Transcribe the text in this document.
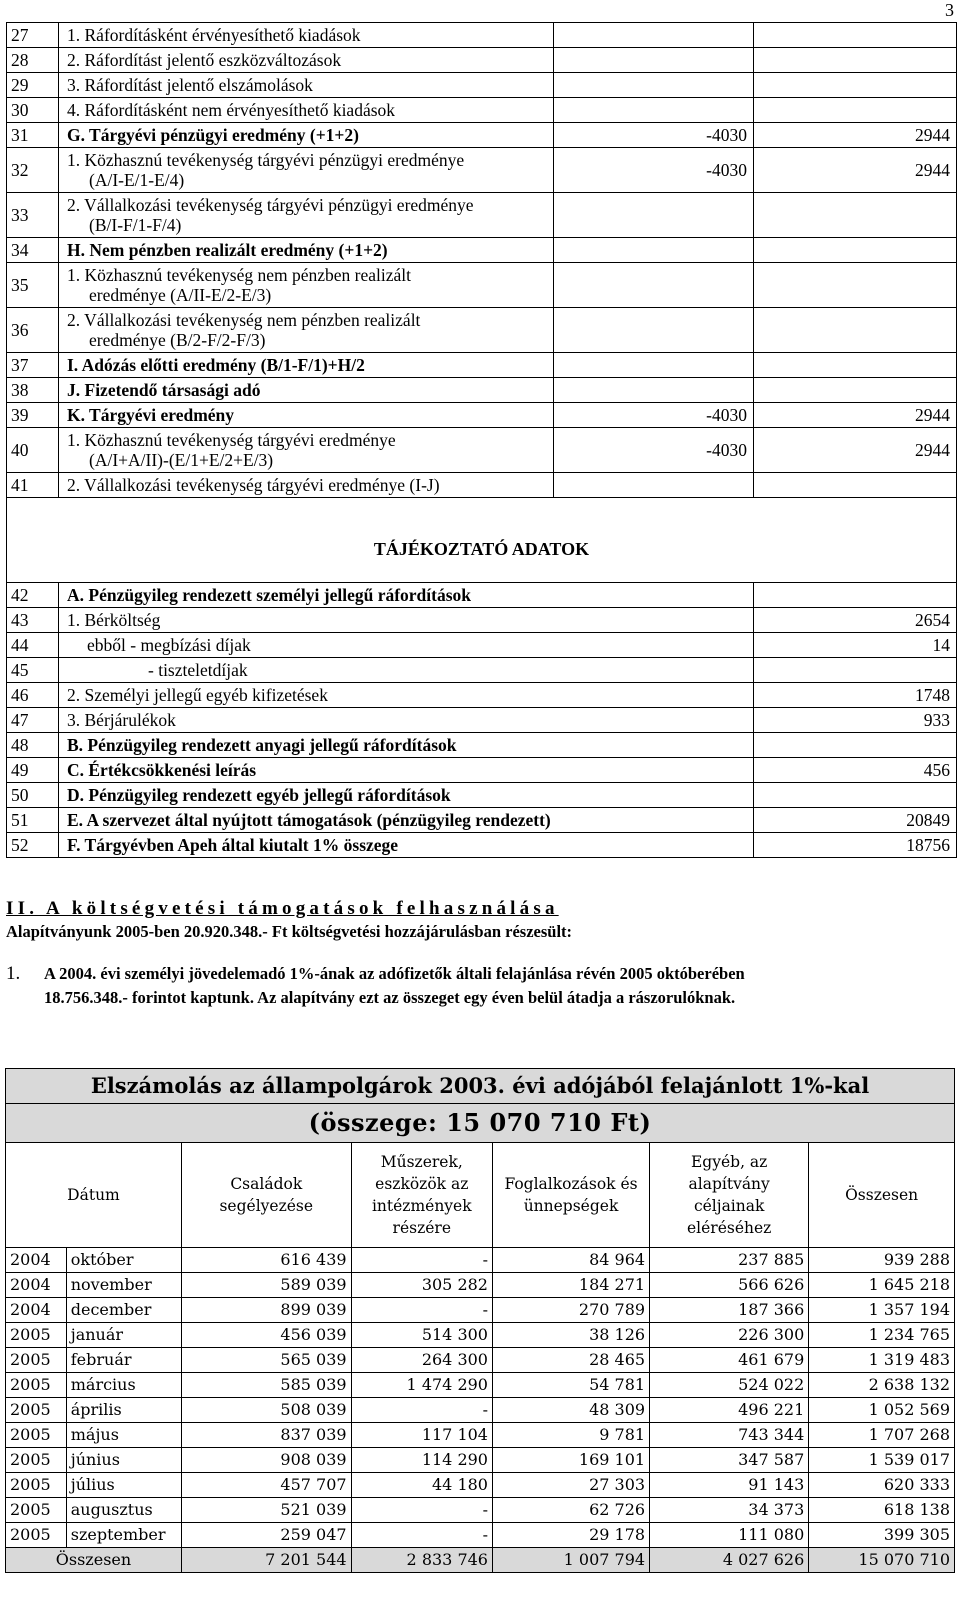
3
27	1. Ráfordításként érvényesíthető kiadások		
28	2. Ráfordítást jelentő eszközváltozások		
29	3. Ráfordítást jelentő elszámolások		
30	4. Ráfordításként nem érvényesíthető kiadások		
31	G. Tárgyévi pénzügyi eredmény (+1+2)	-4030	2944
32	1. Közhasznú tevékenység tárgyévi pénzügyi eredménye
(A/I-E/1-E/4)	-4030	2944
33	2. Vállalkozási tevékenység tárgyévi pénzügyi eredménye
(B/I-F/1-F/4)		

34	H. Nem pénzben realizált eredmény (+1+2)		
35	1. Közhasznú tevékenység nem pénzben realizált
eredménye (A/II-E/2-E/3)		

36	2. Vállalkozási tevékenység nem pénzben realizált
eredménye (B/2-F/2-F/3)		

37	I. Adózás előtti eredmény (B/1-F/1)+H/2		
38	J. Fizetendő társasági adó		
39	K. Tárgyévi eredmény	-4030	2944
40	1. Közhasznú tevékenység tárgyévi eredménye
(A/I+A/II)-(E/1+E/2+E/3)	-4030	2944
41	2. Vállalkozási tevékenység tárgyévi eredménye (I-J)		
TÁJÉKOZTATÓ ADATOK			
42	A. Pénzügyileg rendezett személyi jellegű ráfordítások		
43	1. Bérköltség		2654
44	ebből - megbízási díjak		14
45	- tiszteletdíjak		
46	2. Személyi jellegű egyéb kifizetések		1748
47	3. Bérjárulékok		933
48	B. Pénzügyileg rendezett anyagi jellegű ráfordítások		
49	C. Értékcsökkenési leírás		456
50	D. Pénzügyileg rendezett egyéb jellegű ráfordítások		
51	E. A szervezet által nyújtott támogatások (pénzügyileg rendezett)		20849
52	F. Tárgyévben Apeh által kiutalt 1% összege		18756
II. A költségvetési támogatások felhasználása
Alapítványunk 2005-ben 20.920.348.- Ft költségvetési hozzájárulásban részesült:
1. A 2004. évi személyi jövedelemadó 1%-ának az adófizetők általi felajánlása révén 2005 októberében
18.756.348.- forintot kaptunk. Az alapítvány ezt az összeget egy éven belül átadja a rászorulóknak.
Elszámolás az állampolgárok 2003. évi adójából felajánlott 1%-kal						
(összege: 15 070 710 Ft)						
Dátum		Családok segélyezése	Műszerek, eszközök az intézmények részére	Foglalkozások és ünnepségek	Egyéb, az alapítvány céljainak eléréséhez	Összesen
2004	október	616 439	-	84 964	237 885	939 288
2004	november	589 039	305 282	184 271	566 626	1 645 218
2004	december	899 039	-	270 789	187 366	1 357 194
2005	január	456 039	514 300	38 126	226 300	1 234 765
2005	február	565 039	264 300	28 465	461 679	1 319 483
2005	március	585 039	1 474 290	54 781	524 022	2 638 132
2005	április	508 039	-	48 309	496 221	1 052 569
2005	május	837 039	117 104	9 781	743 344	1 707 268
2005	június	908 039	114 290	169 101	347 587	1 539 017
2005	július	457 707	44 180	27 303	91 143	620 333
2005	augusztus	521 039	-	62 726	34 373	618 138
2005	szeptember	259 047	-	29 178	111 080	399 305
Összesen		7 201 544	2 833 746	1 007 794	4 027 626	15 070 710
